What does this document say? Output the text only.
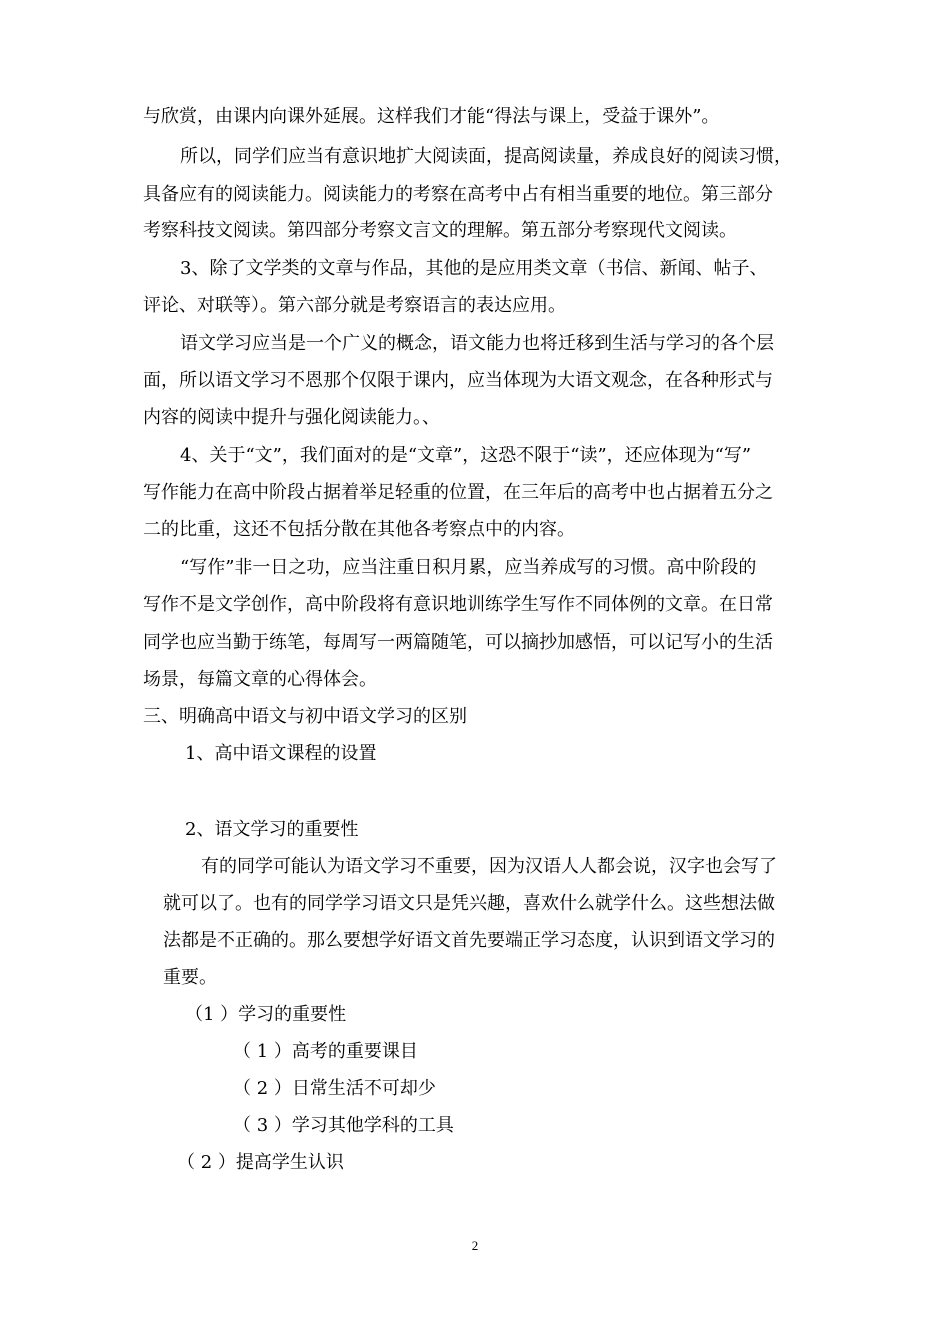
与欣赏，由课内向课外延展。这样我们才能“得法与课上，受益于课外”。
所以，同学们应当有意识地扩大阅读面，提高阅读量，养成良好的阅读习惯，
具备应有的阅读能力。阅读能力的考察在高考中占有相当重要的地位。第三部分
考察科技文阅读。第四部分考察文言文的理解。第五部分考察现代文阅读。
3、除了文学类的文章与作品，其他的是应用类文章（书信、新闻、帖子、
评论、对联等）。第六部分就是考察语言的表达应用。
语文学习应当是一个广义的概念，语文能力也将迁移到生活与学习的各个层
面，所以语文学习不恩那个仅限于课内，应当体现为大语文观念，在各种形式与
内容的阅读中提升与强化阅读能力。、
4、关于“文”，我们面对的是“文章”，这恐不限于“读”，还应体现为“写”
写作能力在高中阶段占据着举足轻重的位置，在三年后的高考中也占据着五分之
二的比重，这还不包括分散在其他各考察点中的内容。
“写作”非一日之功，应当注重日积月累，应当养成写的习惯。高中阶段的
写作不是文学创作，高中阶段将有意识地训练学生写作不同体例的文章。在日常
同学也应当勤于练笔，每周写一两篇随笔，可以摘抄加感悟，可以记写小的生活
场景，每篇文章的心得体会。
三、明确高中语文与初中语文学习的区别
1、高中语文课程的设置
2、语文学习的重要性
有的同学可能认为语文学习不重要，因为汉语人人都会说，汉字也会写了
就可以了。也有的同学学习语文只是凭兴趣，喜欢什么就学什么。这些想法做
法都是不正确的。那么要想学好语文首先要端正学习态度，认识到语文学习的
重要。
（1 ）学习的重要性
（ 1 ）高考的重要课目
（ 2 ）日常生活不可却少
（ 3 ）学习其他学科的工具
（ 2 ）提高学生认识
2
